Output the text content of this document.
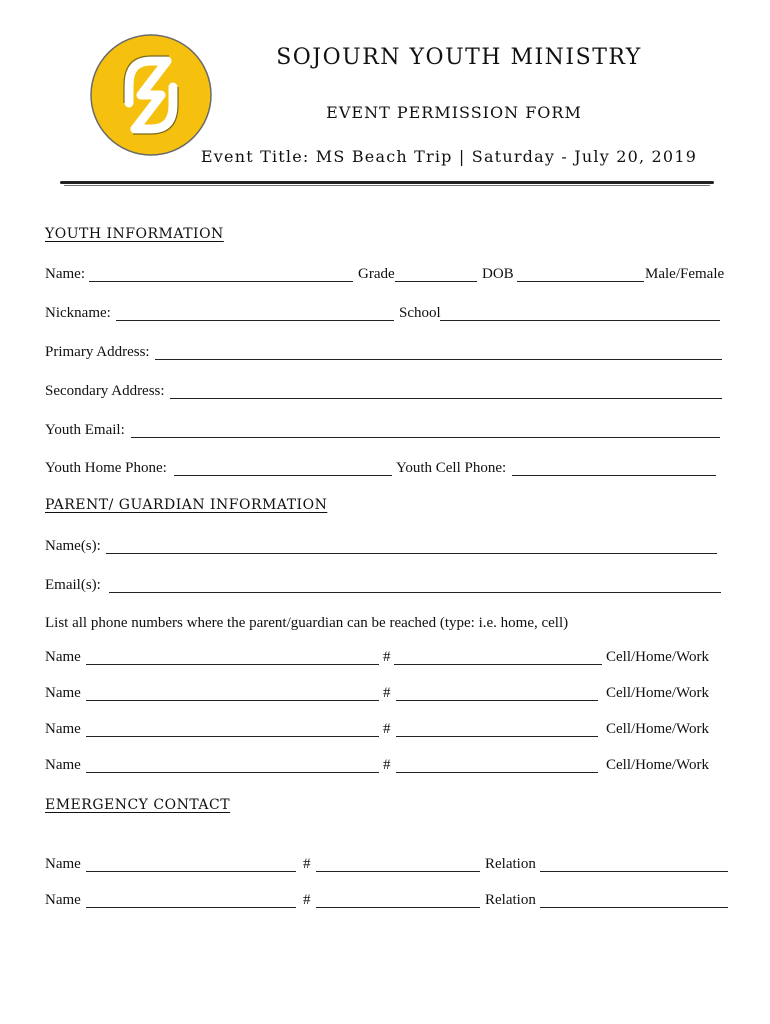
SOJOURN YOUTH MINISTRY
EVENT PERMISSION FORM
Event Title: MS Beach Trip | Saturday - July 20, 2019
YOUTH INFORMATION
Name:	Grade	DOB	Male/Female
Nickname:	School
Primary Address:
Secondary Address:
Youth Email:
Youth Home Phone:	Youth Cell Phone:
PARENT/ GUARDIAN INFORMATION
Name(s):
Email(s):
List all phone numbers where the parent/guardian can be reached (type: i.e. home, cell)
Name	#	Cell/Home/Work
Name	#	Cell/Home/Work
Name	#	Cell/Home/Work
Name	#	Cell/Home/Work
EMERGENCY CONTACT
Name	#	Relation
Name	#	Relation
